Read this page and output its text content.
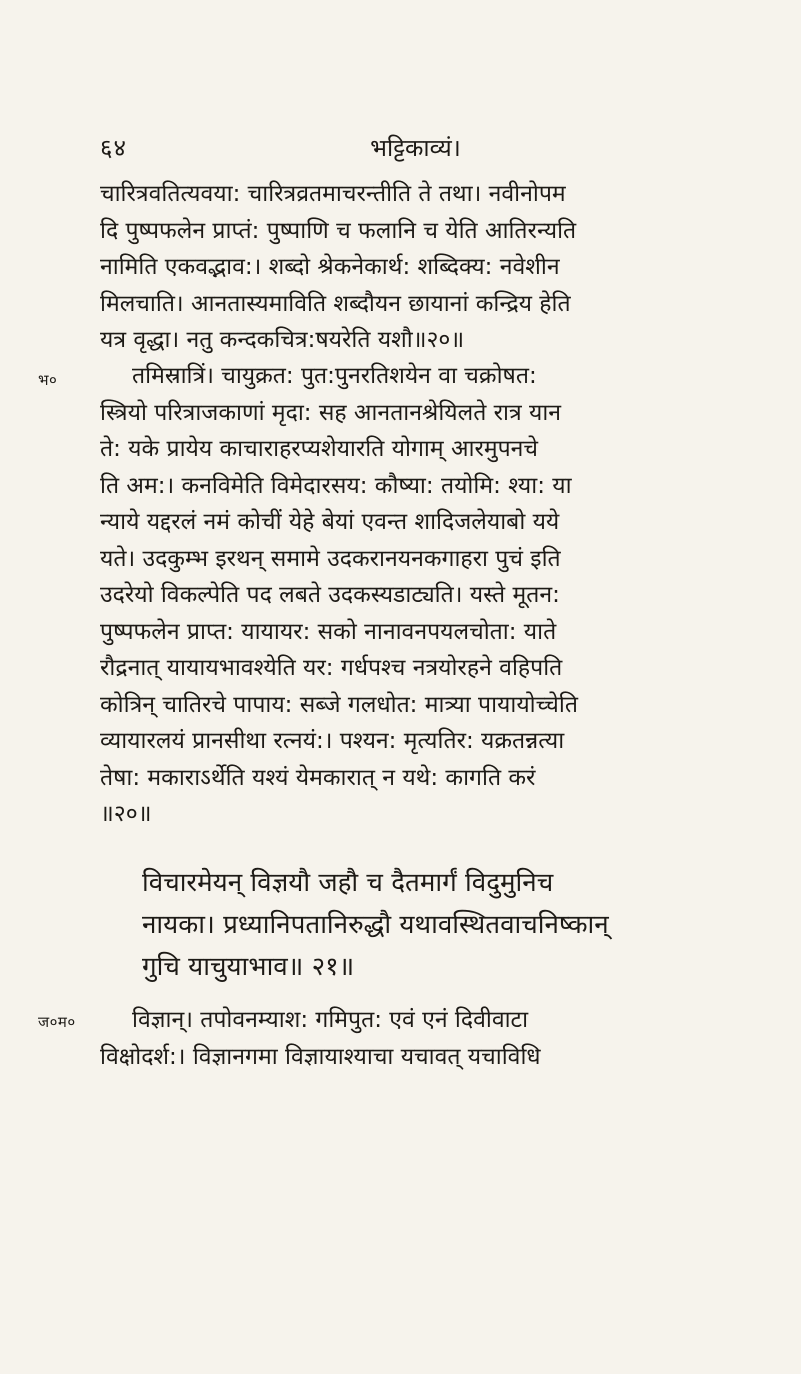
६४	भट्टिकाव्यं।
चारित्रवतित्यवया: चारित्रव्रतमाचरन्तीति ते तथा। नवीनोपम
दि पुष्पफलेन प्राप्तं: पुष्पाणि च फलानि च येति आतिरन्यति
नामिति एकवद्भाव:। शब्दो श्रेकनेकार्थ: शब्दिक्य: नवेशीन
मिलचाति। आनतास्यमाविति शब्दौयन छायानां कन्द्रिय हेति
यत्र वृद्धा। नतु कन्दकचित्र:षयरेति यशौ॥२०॥
भ०	तमिस्रात्रिं। चायुक्रत: पुत:पुनरतिशयेन वा चक्रोषत:
स्त्रियो परित्राजकाणां मृदा: सह आनतानश्रेयिलते रात्र यान
ते: यके प्रायेय काचाराहरप्यशेयारति योगाम् आरमुपनचे
ति अम:। कनविमेति विमेदारसय: कौष्या: तयोमि: श्या: या
न्याये यद्दरलं नमं कोचीं येहे बेयां एवन्त शादिजलेयाबो यये
यते। उदकुम्भ इरथन् समामे उदकरानयनकगाहरा पुचं इति
उदरेयो विकल्पेति पद लबते उदकस्यडाट्यति। यस्ते मूतन:
पुष्पफलेन प्राप्त: यायायर: सको नानावनपयलचोता: याते
रौद्रनात् यायायभावश्येति यर: गर्धपश्च नत्रयोरहने वहिपति
कोत्रिन् चातिरचे पापाय: सब्जे गलधोत: मात्र्या पायायोच्चेति
व्यायारलयं प्रानसीथा रत्नयं:। पश्यन: मृत्यतिर: यक्रतन्नत्या
तेषा: मकाराऽर्थेति यश्यं येमकारात् न यथे: कागति करं
॥२०॥
विचारमेयन् विज्ञयौ जहौ च दैतमार्गं विदुमुनिच
नायका। प्रध्यानिपतानिरुद्धौ यथावस्थितवाचनिष्कान्
गुचि याचुयाभाव॥ २१॥
ज०म०	विज्ञान्। तपोवनम्याश: गमिपुत: एवं एनं दिवीवाटा
विक्षोदर्श:। विज्ञानगमा विज्ञायाश्याचा यचावत् यचाविधि
